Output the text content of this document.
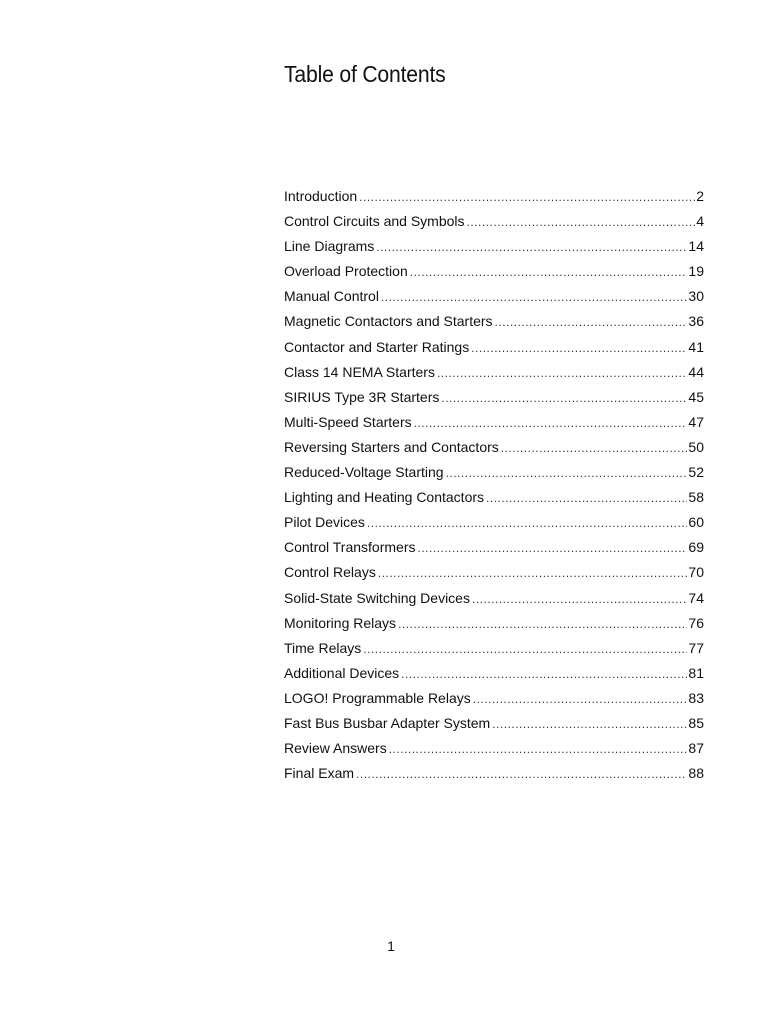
Table of Contents
Introduction .....	2
Control Circuits and Symbols .....	4
Line Diagrams .....	14
Overload Protection .....	19
Manual Control .....	30
Magnetic Contactors and Starters .....	36
Contactor and Starter Ratings .....	41
Class 14 NEMA Starters .....	44
SIRIUS Type 3R Starters .....	45
Multi-Speed Starters .....	47
Reversing Starters and Contactors .....	50
Reduced-Voltage Starting .....	52
Lighting and Heating Contactors .....	58
Pilot Devices .....	60
Control Transformers .....	69
Control Relays .....	70
Solid-State Switching Devices .....	74
Monitoring Relays .....	76
Time Relays .....	77
Additional Devices .....	81
LOGO! Programmable Relays .....	83
Fast Bus Busbar Adapter System .....	85
Review Answers .....	87
Final Exam .....	88
1
